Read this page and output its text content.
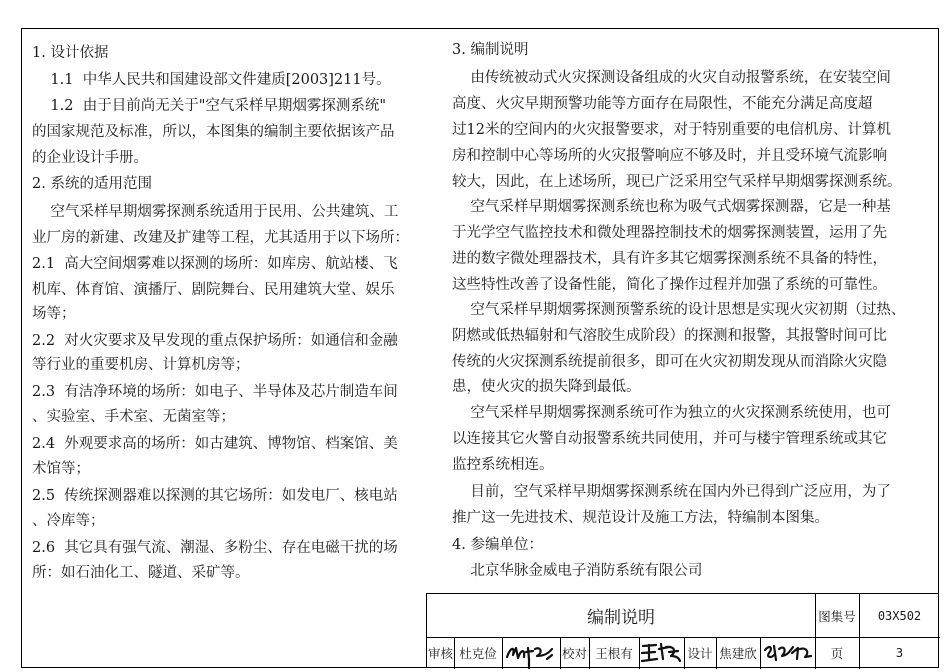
1. 设计依据
1.1  中华人民共和国建设部文件建质[2003]211号。
1.2  由于目前尚无关于"空气采样早期烟雾探测系统"
的国家规范及标准，所以，本图集的编制主要依据该产品
的企业设计手册。
2. 系统的适用范围
空气采样早期烟雾探测系统适用于民用、公共建筑、工
业厂房的新建、改建及扩建等工程，尤其适用于以下场所：
2.1  高大空间烟雾难以探测的场所：如库房、航站楼、飞
机库、体育馆、演播厅、剧院舞台、民用建筑大堂、娱乐
场等；
2.2  对火灾要求及早发现的重点保护场所：如通信和金融
等行业的重要机房、计算机房等；
2.3  有洁净环境的场所：如电子、半导体及芯片制造车间
、实验室、手术室、无菌室等；
2.4  外观要求高的场所：如古建筑、博物馆、档案馆、美
术馆等；
2.5  传统探测器难以探测的其它场所：如发电厂、核电站
、冷库等；
2.6  其它具有强气流、潮湿、多粉尘、存在电磁干扰的场
所：如石油化工、隧道、采矿等。
3. 编制说明
由传统被动式火灾探测设备组成的火灾自动报警系统，在安装空间
高度、火灾早期预警功能等方面存在局限性，不能充分满足高度超
过12米的空间内的火灾报警要求，对于特别重要的电信机房、计算机
房和控制中心等场所的火灾报警响应不够及时，并且受环境气流影响
较大，因此，在上述场所，现已广泛采用空气采样早期烟雾探测系统。
空气采样早期烟雾探测系统也称为吸气式烟雾探测器，它是一种基
于光学空气监控技术和微处理器控制技术的烟雾探测装置，运用了先
进的数字微处理器技术，具有许多其它烟雾探测系统不具备的特性，
这些特性改善了设备性能，简化了操作过程并加强了系统的可靠性。
空气采样早期烟雾探测预警系统的设计思想是实现火灾初期（过热、
阴燃或低热辐射和气溶胶生成阶段）的探测和报警，其报警时间可比
传统的火灾探测系统提前很多，即可在火灾初期发现从而消除火灾隐
患，使火灾的损失降到最低。
空气采样早期烟雾探测系统可作为独立的火灾探测系统使用，也可
以连接其它火警自动报警系统共同使用，并可与楼宇管理系统或其它
监控系统相连。
目前，空气采样早期烟雾探测系统在国内外已得到广泛应用，为了
推广这一先进技术、规范设计及施工方法，特编制本图集。
4. 参编单位：
北京华脉金威电子消防系统有限公司
编制说明	图集号	03X502
审核 杜克俭	校对 王根有	设计 焦建欣	页	3
